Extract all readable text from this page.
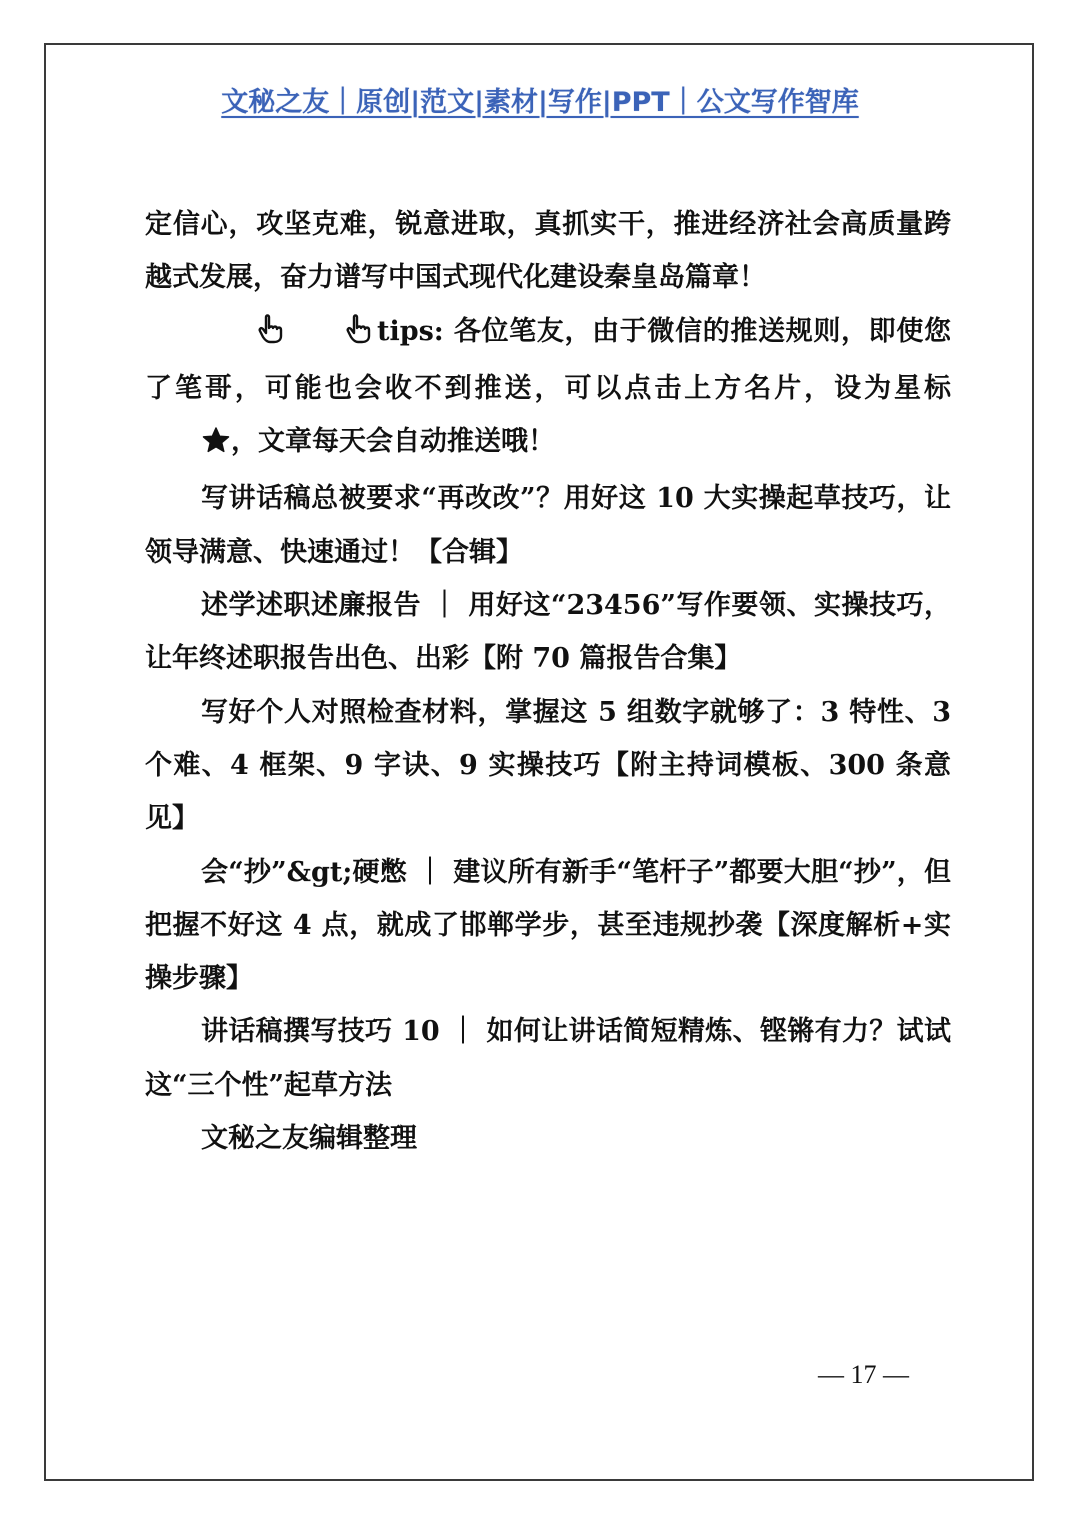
文秘之友｜原创|范文|素材|写作|PPT｜公文写作智库

定信心，攻坚克难，锐意进取，真抓实干，推进经济社会高质量跨越式发展，奋力谱写中国式现代化建设秦皇岛篇章！

tips: 各位笔友，由于微信的推送规则，即使您了笔哥，可能也会收不到推送，可以点击上方名片，设为星标，文章每天会自动推送哦！

写讲话稿总被要求“再改改”？用好这 10 大实操起草技巧，让领导满意、快速通过！【合辑】

述学述职述廉报告 ｜ 用好这“23456”写作要领、实操技巧，让年终述职报告出色、出彩【附 70 篇报告合集】

写好个人对照检查材料，掌握这 5 组数字就够了：3 特性、3 个难、4 框架、9 字诀、9 实操技巧【附主持词模板、300 条意见】

会“抄”&gt;硬憋 ｜ 建议所有新手“笔杆子”都要大胆“抄”，但把握不好这 4 点，就成了邯郸学步，甚至违规抄袭【深度解析+实操步骤】

讲话稿撰写技巧 10 ｜ 如何让讲话简短精炼、铿锵有力？试试这“三个性”起草方法

文秘之友编辑整理

— 17 —
